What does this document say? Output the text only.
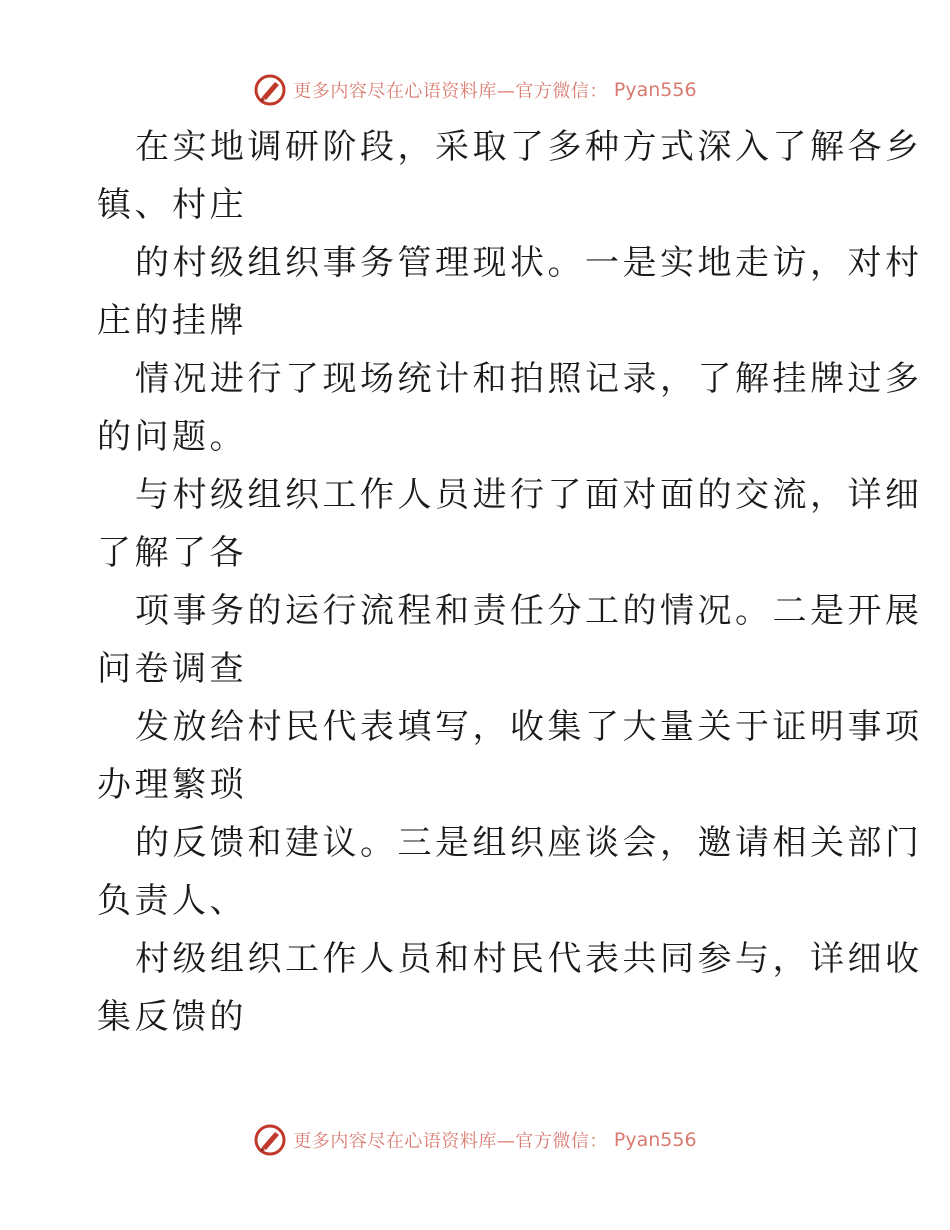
更多内容尽在心语资料库—官方微信： Pyan556
在实地调研阶段，采取了多种方式深入了解各乡
镇、村庄
的村级组织事务管理现状。一是实地走访，对村
庄的挂牌
情况进行了现场统计和拍照记录，了解挂牌过多
的问题。
与村级组织工作人员进行了面对面的交流，详细
了解了各
项事务的运行流程和责任分工的情况。二是开展
问卷调查
发放给村民代表填写，收集了大量关于证明事项
办理繁琐
的反馈和建议。三是组织座谈会，邀请相关部门
负责人、
村级组织工作人员和村民代表共同参与，详细收
集反馈的
更多内容尽在心语资料库—官方微信： Pyan556
